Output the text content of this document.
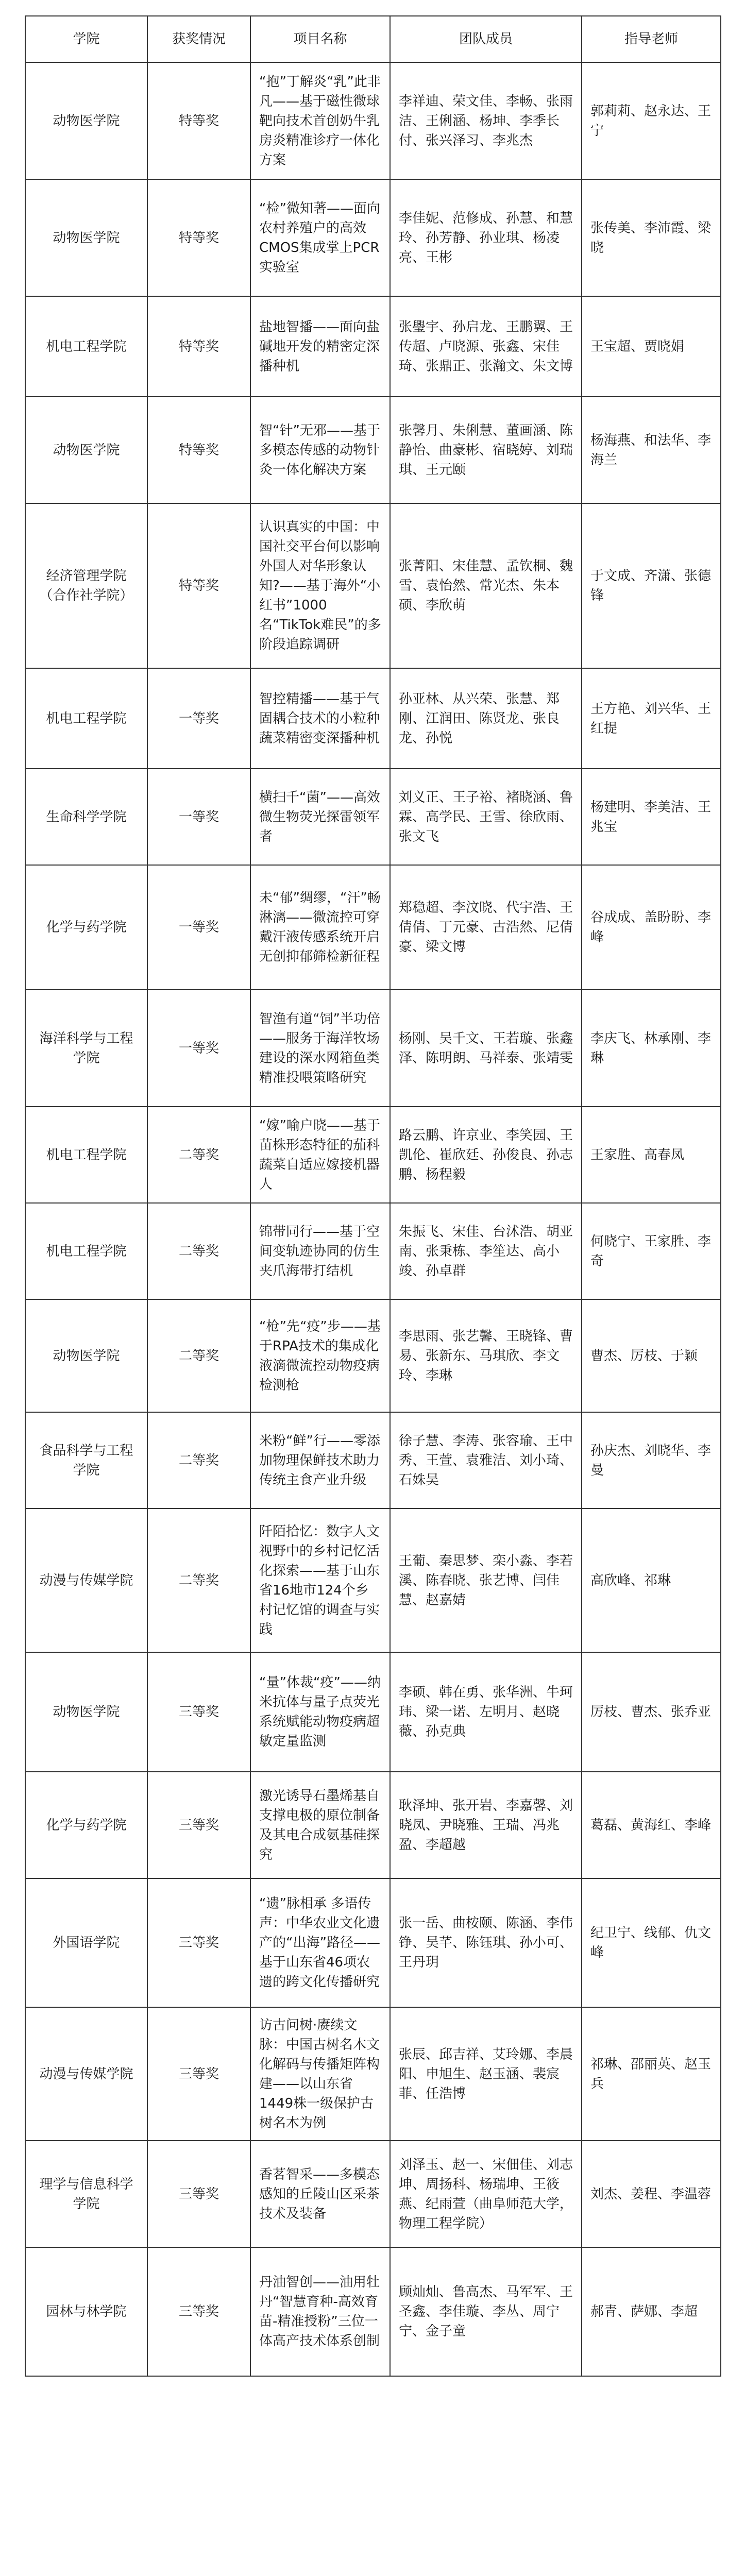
学院	获奖情况	项目名称	团队成员	指导老师

动物医学院	特等奖	“抱”丁解炎“乳”此非凡——基于磁性微球靶向技术首创奶牛乳房炎精准诊疗一体化方案	李祥迪、荣文佳、李畅、张雨洁、王俐涵、杨坤、李季长付、张兴泽习、李兆杰	郭莉莉、赵永达、王宁

动物医学院	特等奖	“检”微知著——面向农村养殖户的高效CMOS集成掌上PCR实验室	李佳妮、范修成、孙慧、和慧玲、孙芳静、孙业琪、杨凌亮、王彬	张传美、李沛霞、梁晓

机电工程学院	特等奖	盐地智播——面向盐碱地开发的精密定深播种机	张璺宇、孙启龙、王鹏翼、王传超、卢晓源、张鑫、宋佳琦、张鼎正、张瀚文、朱文博	王宝超、贾晓娟

动物医学院	特等奖	智“针”无邪——基于多模态传感的动物针灸一体化解决方案	张馨月、朱俐慧、董画涵、陈静怡、曲豪彬、宿晓婷、刘瑞琪、王元颐	杨海燕、和法华、李海兰

经济管理学院（合作社学院）	特等奖	认识真实的中国：中国社交平台何以影响外国人对华形象认知?——基于海外“小红书”1000名“TikTok难民”的多阶段追踪调研	张菁阳、宋佳慧、孟钦桐、魏雪、袁怡然、常光杰、朱本硕、李欣萌	于文成、齐潇、张德锋

机电工程学院	一等奖	智控精播——基于气固耦合技术的小粒种蔬菜精密变深播种机	孙亚林、从兴荣、张慧、郑刚、江润田、陈贤龙、张良龙、孙悦	王方艳、刘兴华、王红提

生命科学学院	一等奖	横扫千“菌”——高效微生物荧光探雷领军者	刘义正、王子裕、褚晓涵、鲁霖、高学民、王雪、徐欣雨、张文飞	杨建明、李美洁、王兆宝

化学与药学院	一等奖	未“郁”绸缪，“汗”畅淋漓——微流控可穿戴汗液传感系统开启无创抑郁筛检新征程	郑稳超、李汶晓、代宇浩、王倩倩、丁元豪、古浩然、尼倩豪、梁文博	谷成成、盖盼盼、李峰

海洋科学与工程学院	一等奖	智渔有道“饲”半功倍——服务于海洋牧场建设的深水网箱鱼类精准投喂策略研究	杨刚、吴千文、王若璇、张鑫泽、陈明朗、马祥泰、张靖雯	李庆飞、林承刚、李琳

机电工程学院	二等奖	“嫁”喻户晓——基于苗株形态特征的茄科蔬菜自适应嫁接机器人	路云鹏、许京业、李笑园、王凯伦、崔欣廷、孙俊良、孙志鹏、杨程毅	王家胜、高春凤

机电工程学院	二等奖	锦带同行——基于空间变轨迹协同的仿生夹爪海带打结机	朱振飞、宋佳、台沭浩、胡亚南、张秉栋、李笙达、高小竣、孙卓群	何晓宁、王家胜、李奇

动物医学院	二等奖	“枪”先“疫”步——基于RPA技术的集成化液滴微流控动物疫病检测枪	李思雨、张艺馨、王晓锋、曹易、张新东、马琪欣、李文玲、李琳	曹杰、厉枝、于颖

食品科学与工程学院	二等奖	米粉“鲜”行——零添加物理保鲜技术助力传统主食产业升级	徐子慧、李涛、张容瑜、王中秀、王萱、袁雅洁、刘小琦、石姝吴	孙庆杰、刘晓华、李曼

动漫与传媒学院	二等奖	阡陌拾忆：数字人文视野中的乡村记忆活化探索——基于山东省16地市124个乡村记忆馆的调查与实践	王葡、秦思梦、栾小淼、李若溪、陈春晓、张艺博、闫佳慧、赵嘉婧	高欣峰、祁琳

动物医学院	三等奖	“量”体裁“疫”——纳米抗体与量子点荧光系统赋能动物疫病超敏定量监测	李硕、韩在勇、张华洲、牛珂玮、梁一诺、左明月、赵晓薇、孙克典	厉枝、曹杰、张乔亚

化学与药学院	三等奖	激光诱导石墨烯基自支撑电极的原位制备及其电合成氨基硅探究	耿泽坤、张开岩、李嘉馨、刘晓凤、尹晓雅、王瑞、冯兆盈、李超越	葛磊、黄海红、李峰

外国语学院	三等奖	“遗”脉相承 多语传声：中华农业文化遗产的“出海”路径——基于山东省46项农遗的跨文化传播研究	张一岳、曲桉颐、陈涵、李伟铮、吴芊、陈钰琪、孙小可、王丹玥	纪卫宁、线郁、仇文峰

动漫与传媒学院	三等奖	访古问树·赓续文脉：中国古树名木文化解码与传播矩阵构建——以山东省1449株一级保护古树名木为例	张辰、邱吉祥、艾玲娜、李晨阳、申旭生、赵玉涵、裴宸菲、任浩博	祁琳、邵丽英、赵玉兵

理学与信息科学学院	三等奖	香茗智采——多模态感知的丘陵山区采茶技术及装备	刘泽玉、赵一、宋佃佳、刘志坤、周扬科、杨瑞坤、王筱燕、纪雨萱（曲阜师范大学，物理工程学院）	刘杰、姜程、李温蓉

园林与林学院	三等奖	丹油智创——油用牡丹“智慧育种-高效育苗-精准授粉”三位一体高产技术体系创制	顾灿灿、鲁高杰、马军军、王圣鑫、李佳璇、李丛、周宁宁、金子童	郝青、萨娜、李超
